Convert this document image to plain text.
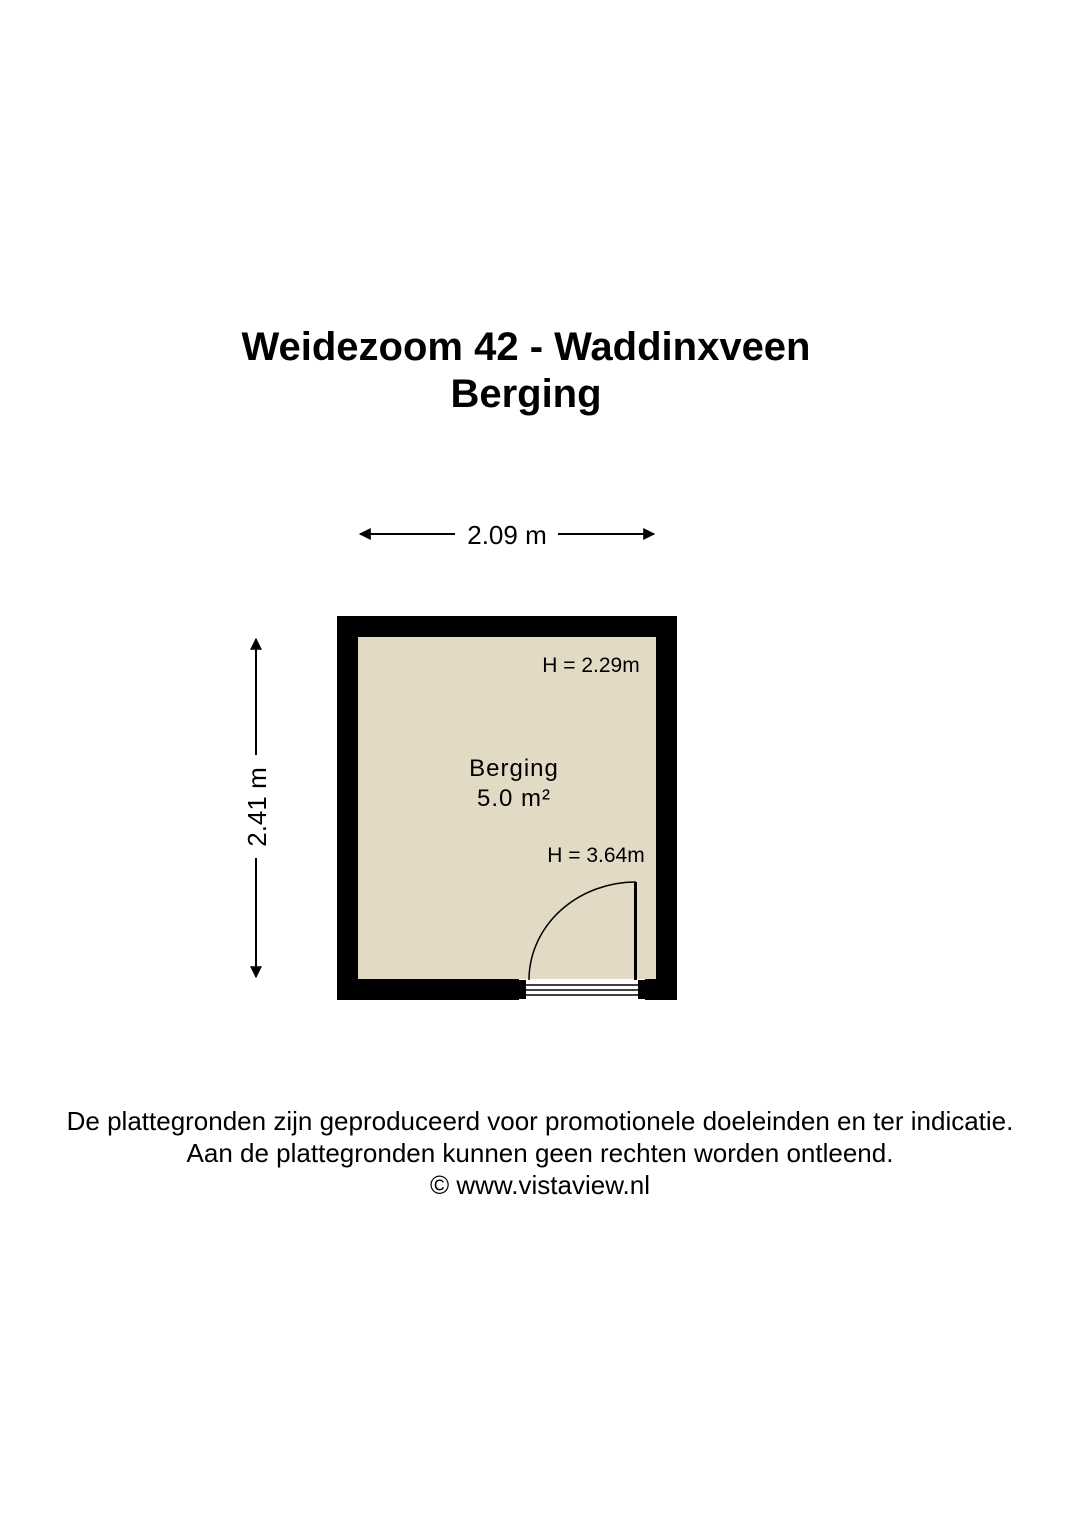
Weidezoom 42 - Waddinxveen
Berging
2.09 m
2.41 m
H = 2.29m
Berging
5.0 m²
H = 3.64m
De plattegronden zijn geproduceerd voor promotionele doeleinden en ter indicatie.
Aan de plattegronden kunnen geen rechten worden ontleend.
© www.vistaview.nl
